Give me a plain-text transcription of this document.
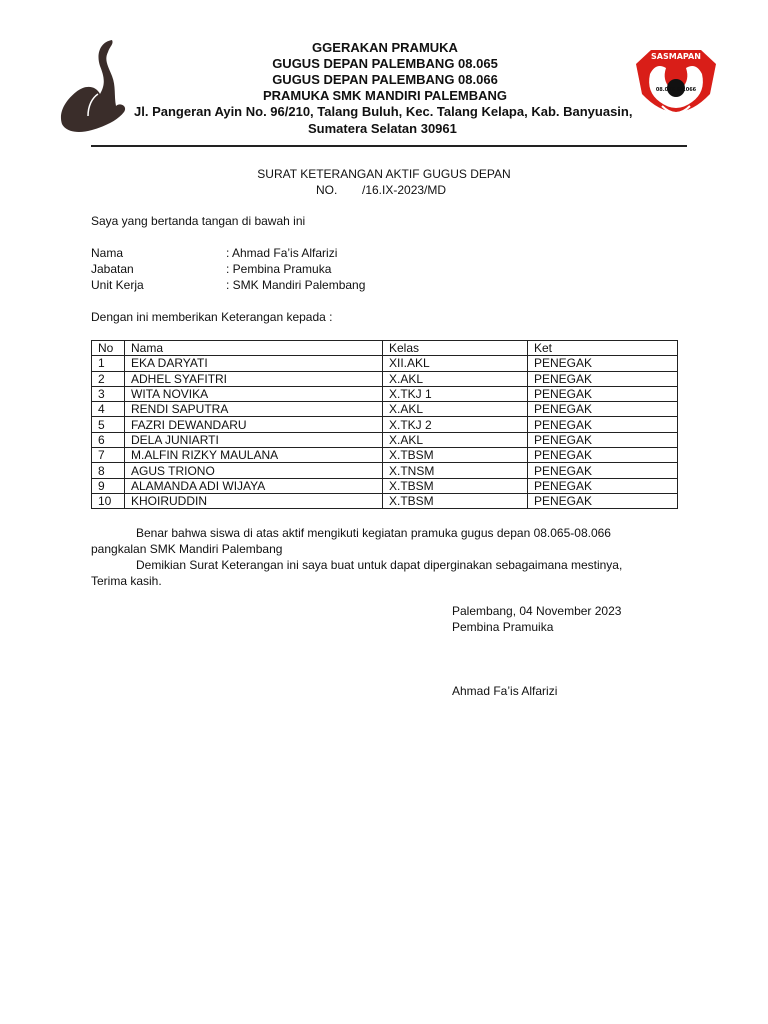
GGERAKAN PRAMUKA
GUGUS DEPAN PALEMBANG 08.065
GUGUS DEPAN PALEMBANG 08.066
PRAMUKA SMK MANDIRI PALEMBANG
Jl. Pangeran Ayin No. 96/210, Talang Buluh, Kec. Talang Kelapa, Kab. Banyuasin,
Sumatera Selatan 30961
SASMAPAN
08.065 08.066
PANGERAN ANTASARI
SURAT KETERANGAN AKTIF GUGUS DEPAN
NO. /16.IX-2023/MD
Saya yang bertanda tangan di bawah ini
Nama	: Ahmad Fa’is Alfarizi
Jabatan	: Pembina Pramuka
Unit Kerja	: SMK Mandiri Palembang
Dengan ini memberikan Keterangan kepada :
No	Nama	Kelas	Ket
1	EKA DARYATI	XII.AKL	PENEGAK
2	ADHEL SYAFITRI	X.AKL	PENEGAK
3	WITA NOVIKA	X.TKJ 1	PENEGAK
4	RENDI SAPUTRA	X.AKL	PENEGAK
5	FAZRI DEWANDARU	X.TKJ 2	PENEGAK
6	DELA JUNIARTI	X.AKL	PENEGAK
7	M.ALFIN RIZKY MAULANA	X.TBSM	PENEGAK
8	AGUS TRIONO	X.TNSM	PENEGAK
9	ALAMANDA ADI WIJAYA	X.TBSM	PENEGAK
10	KHOIRUDDIN	X.TBSM	PENEGAK
Benar bahwa siswa di atas aktif mengikuti kegiatan pramuka gugus depan 08.065-08.066
pangkalan SMK Mandiri Palembang
Demikian Surat Keterangan ini saya buat untuk dapat diperginakan sebagaimana mestinya,
Terima kasih.
Palembang, 04 November 2023
Pembina Pramuika
Ahmad Fa’is Alfarizi
